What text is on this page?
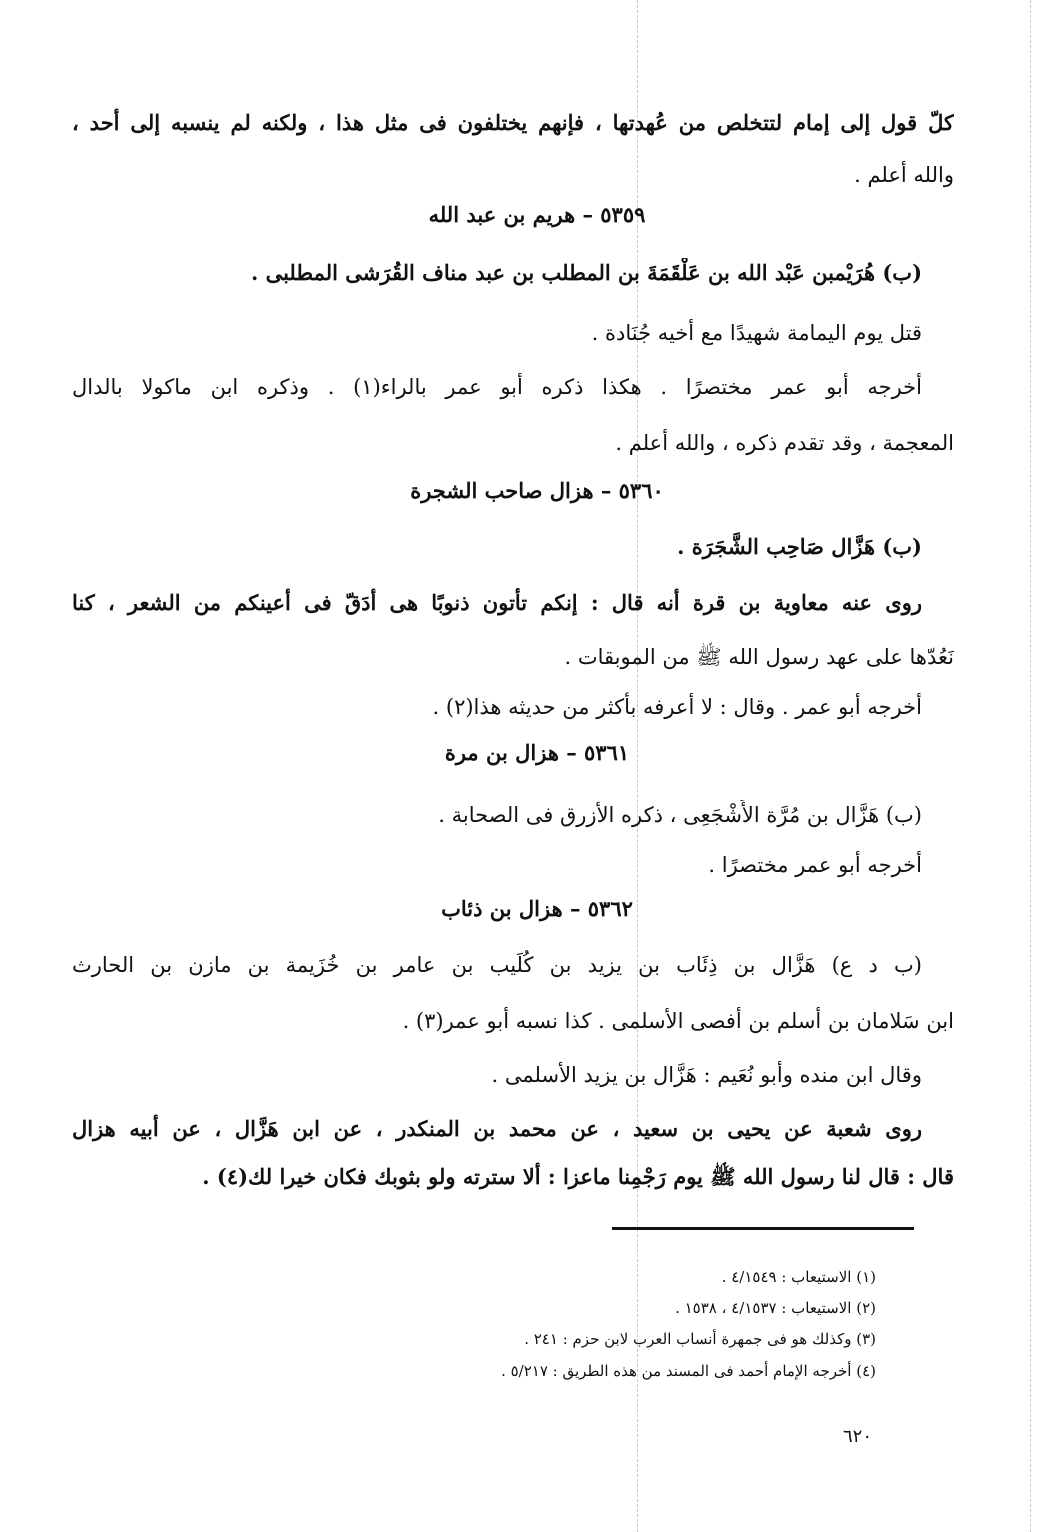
كلّ قول إلى إمام لتتخلص من عُهدتها ، فإنهم يختلفون فى مثل هذا ، ولكنه لم ينسبه إلى أحد ،
والله أعلم .
٥٣٥٩ – هريم بن عبد الله
(ب) هُرَيْمبن عَبْد الله بن عَلْقَمَةَ بن المطلب بن عبد مناف القُرَشى المطلبى .
قتل يوم اليمامة شهيدًا مع أخيه جُنَادة .
أخرجه أبو عمر مختصرًا . هكذا ذكره أبو عمر بالراء(١) . وذكره ابن ماكولا بالدال
المعجمة ، وقد تقدم ذكره ، والله أعلم .
٥٣٦٠ – هزال صاحب الشجرة
(ب) هَزَّال صَاحِب الشَّجَرَة .
روى عنه معاوية بن قرة أنه قال : إنكم تأتون ذنوبًا هى أدَقّ فى أعينكم من الشعر ، كنا
نَعُدّها على عهد رسول الله ﷺ من الموبقات .
أخرجه أبو عمر . وقال : لا أعرفه بأكثر من حديثه هذا(٢) .
٥٣٦١ – هزال بن مرة
(ب) هَزَّال بن مُرَّة الأَشْجَعِى ، ذكره الأزرق فى الصحابة .
أخرجه أبو عمر مختصرًا .
٥٣٦٢ – هزال بن ذئاب
(ب د ع) هَزَّال بن ذِئَاب بن يزيد بن كُلَيب بن عامر بن خُزَيمة بن مازن بن الحارث
ابن سَلامان بن أسلم بن أفصى الأسلمى . كذا نسبه أبو عمر(٣) .
وقال ابن منده وأبو نُعَيم : هَزَّال بن يزيد الأسلمى .
روى شعبة عن يحيى بن سعيد ، عن محمد بن المنكدر ، عن ابن هَزَّال ، عن أبيه هزال
قال : قال لنا رسول الله ﷺ يوم رَجْمِنا ماعزا : ألا سترته ولو بثوبك فكان خيرا لك(٤) .
(١) الاستيعاب : ٤/١٥٤٩ .
(٢) الاستيعاب : ٤/١٥٣٧ ، ١٥٣٨ .
(٣) وكذلك هو فى جمهرة أنساب العرب لابن حزم : ٢٤١ .
(٤) أخرجه الإمام أحمد فى المسند من هذه الطريق : ٥/٢١٧ .
٦٢٠
